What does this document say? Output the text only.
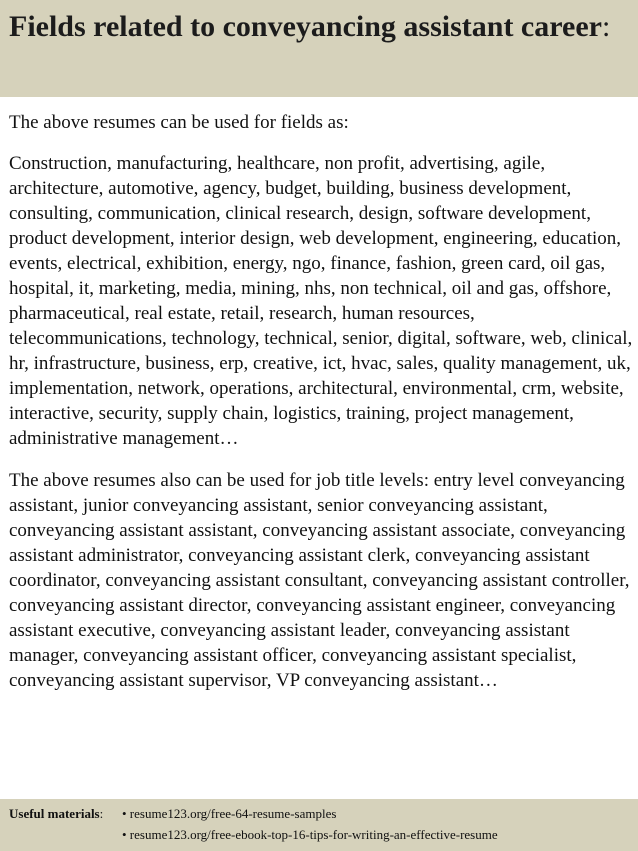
Fields related to conveyancing assistant career:

The above resumes can be used for fields as:

Construction, manufacturing, healthcare, non profit, advertising, agile, architecture, automotive, agency, budget, building, business development, consulting, communication, clinical research, design, software development, product development, interior design, web development, engineering, education, events, electrical, exhibition, energy, ngo, finance, fashion, green card, oil gas, hospital, it, marketing, media, mining, nhs, non technical, oil and gas, offshore, pharmaceutical, real estate, retail, research, human resources, telecommunications, technology, technical, senior, digital, software, web, clinical, hr, infrastructure, business, erp, creative, ict, hvac, sales, quality management, uk, implementation, network, operations, architectural, environmental, crm, website, interactive, security, supply chain, logistics, training, project management, administrative management…

The above resumes also can be used for job title levels: entry level conveyancing assistant, junior conveyancing assistant, senior conveyancing assistant, conveyancing assistant assistant, conveyancing assistant associate, conveyancing assistant administrator, conveyancing assistant clerk, conveyancing assistant coordinator, conveyancing assistant consultant, conveyancing assistant controller, conveyancing assistant director, conveyancing assistant engineer, conveyancing assistant executive, conveyancing assistant leader, conveyancing assistant manager, conveyancing assistant officer, conveyancing assistant specialist, conveyancing assistant supervisor, VP conveyancing assistant…

Useful materials: • resume123.org/free-64-resume-samples
• resume123.org/free-ebook-top-16-tips-for-writing-an-effective-resume
